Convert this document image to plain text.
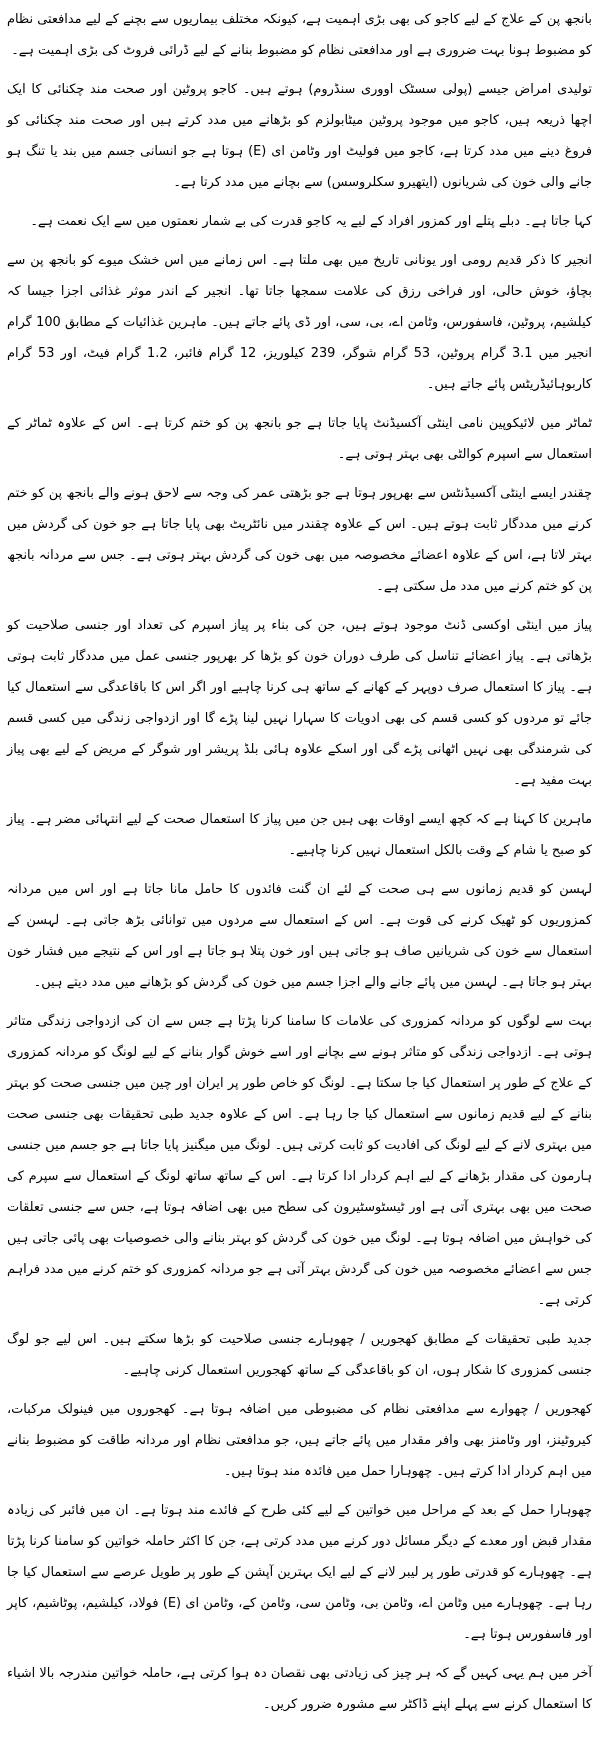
بانجھ پن کے علاج کے لیے کاجو کی بھی بڑی اہمیت ہے، کیونکہ مختلف بیماریوں سے بچنے کے لیے مدافعتی نظام کو مضبوط ہونا بہت ضروری ہے اور مدافعتی نظام کو مضبوط بنانے کے لیے ڈرائی فروٹ کی بڑی اہمیت ہے۔

تولیدی امراض جیسے (پولی سسٹک اووری سنڈروم) ہوتے ہیں۔ کاجو پروٹین اور صحت مند چکنائی کا ایک اچھا ذریعہ ہیں، کاجو میں موجود پروٹین میٹابولزم کو بڑھانے میں مدد کرتے ہیں اور صحت مند چکنائی کو فروغ دینے میں مدد کرتا ہے، کاجو میں فولیٹ اور وٹامن ای (E) ہوتا ہے جو انسانی جسم میں بند یا تنگ ہو جانے والی خون کی شریانوں (ایتھیرو سکلروسس) سے بچانے میں مدد کرتا ہے۔

کہا جاتا ہے۔ دبلے پتلے اور کمزور افراد کے لیے یہ کاجو قدرت کی بے شمار نعمتوں میں سے ایک نعمت ہے۔

انجیر کا ذکر قدیم رومی اور یونانی تاریخ میں بھی ملتا ہے۔ اس زمانے میں اس خشک میوے کو بانجھ پن سے بچاؤ، خوش حالی، اور فراخی رزق کی علامت سمجھا جاتا تھا۔ انجیر کے اندر موثر غذائی اجزا جیسا کہ کیلشیم، پروٹین، فاسفورس، وٹامن اے، بی، سی، اور ڈی پائے جاتے ہیں۔ ماہرین غذائیات کے مطابق 100 گرام انجیر میں 3.1 گرام پروٹین، 53 گرام شوگر، 239 کیلوریز، 12 گرام فائبر، 1.2 گرام فیٹ، اور 53 گرام کاربوہائیڈریٹس پائے جاتے ہیں۔

ٹماٹر میں لائیکوپین نامی اینٹی آکسیڈنٹ پایا جاتا ہے جو بانجھ پن کو ختم کرتا ہے۔ اس کے علاوہ ٹماٹر کے استعمال سے اسپرم کوالٹی بھی بہتر ہوتی ہے۔

چقندر ایسے اینٹی آکسیڈنٹس سے بھرپور ہوتا ہے جو بڑھتی عمر کی وجہ سے لاحق ہونے والے بانجھ پن کو ختم کرنے میں مددگار ثابت ہوتے ہیں۔ اس کے علاوہ چقندر میں نائٹریٹ بھی پایا جاتا ہے جو خون کی گردش میں بہتر لاتا ہے، اس کے علاوہ اعضائے مخصوصہ میں بھی خون کی گردش بہتر ہوتی ہے۔ جس سے مردانہ بانجھ پن کو ختم کرنے میں مدد مل سکتی ہے۔

پیاز میں اینٹی اوکسی ڈنٹ موجود ہوتے ہیں، جن کی بناء پر پیاز اسپرم کی تعداد اور جنسی صلاحیت کو بڑھاتی ہے۔ پیاز اعضائے تناسل کی طرف دوران خون کو بڑھا کر بھرپور جنسی عمل میں مددگار ثابت ہوتی ہے۔ پیاز کا استعمال صرف دوپہر کے کھانے کے ساتھ ہی کرنا چاہیے اور اگر اس کا باقاعدگی سے استعمال کیا جائے تو مردوں کو کسی قسم کی بھی ادویات کا سہارا نہیں لینا پڑے گا اور ازدواجی زندگی میں کسی قسم کی شرمندگی بھی نہیں اٹھانی پڑے گی اور اسکے علاوہ ہائی بلڈ پریشر اور شوگر کے مریض کے لیے بھی پیاز بہت مفید ہے۔

ماہرین کا کہنا ہے کہ کچھ ایسے اوقات بھی ہیں جن میں پیاز کا استعمال صحت کے لیے انتہائی مضر ہے۔ پیاز کو صبح یا شام کے وقت بالکل استعمال نہیں کرنا چاہیے۔

لہسن کو قدیم زمانوں سے ہی صحت کے لئے ان گنت فائدوں کا حامل مانا جاتا ہے اور اس میں مردانہ کمزوریوں کو ٹھیک کرنے کی قوت ہے۔ اس کے استعمال سے مردوں میں توانائی بڑھ جاتی ہے۔ لہسن کے استعمال سے خون کی شریانیں صاف ہو جاتی ہیں اور خون پتلا ہو جاتا ہے اور اس کے نتیجے میں فشار خون بہتر ہو جاتا ہے۔ لہسن میں پائے جانے والے اجزا جسم میں خون کی گردش کو بڑھانے میں مدد دیتے ہیں۔

بہت سے لوگوں کو مردانہ کمزوری کی علامات کا سامنا کرنا پڑتا ہے جس سے ان کی ازدواجی زندگی متاثر ہوتی ہے۔ ازدواجی زندگی کو متاثر ہونے سے بچانے اور اسے خوش گوار بنانے کے لیے لونگ کو مردانہ کمزوری کے علاج کے طور پر استعمال کیا جا سکتا ہے۔ لونگ کو خاص طور پر ایران اور چین میں جنسی صحت کو بہتر بنانے کے لیے قدیم زمانوں سے استعمال کیا جا رہا ہے۔ اس کے علاوہ جدید طبی تحقیقات بھی جنسی صحت میں بہتری لانے کے لیے لونگ کی افادیت کو ثابت کرتی ہیں۔ لونگ میں میگنیز پایا جاتا ہے جو جسم میں جنسی ہارمون کی مقدار بڑھانے کے لیے اہم کردار ادا کرتا ہے۔ اس کے ساتھ ساتھ لونگ کے استعمال سے سپرم کی صحت میں بھی بہتری آتی ہے اور ٹیسٹوسٹیرون کی سطح میں بھی اضافہ ہوتا ہے، جس سے جنسی تعلقات کی خواہش میں اضافہ ہوتا ہے۔ لونگ میں خون کی گردش کو بہتر بنانے والی خصوصیات بھی پائی جاتی ہیں جس سے اعضائے مخصوصہ میں خون کی گردش بہتر آتی ہے جو مردانہ کمزوری کو ختم کرنے میں مدد فراہم کرتی ہے۔

جدید طبی تحقیقات کے مطابق کھجوریں / چھوہارے جنسی صلاحیت کو بڑھا سکتے ہیں۔ اس لیے جو لوگ جنسی کمزوری کا شکار ہوں، ان کو باقاعدگی کے ساتھ کھجوریں استعمال کرنی چاہیے۔

کھجوریں / چھوارے سے مدافعتی نظام کی مضبوطی میں اضافہ ہوتا ہے۔ کھجوروں میں فینولک مرکبات، کیروٹینز، اور وٹامنز بھی وافر مقدار میں پائے جاتے ہیں، جو مدافعتی نظام اور مردانہ طاقت کو مضبوط بنانے میں اہم کردار ادا کرتے ہیں۔ چھوہارا حمل میں فائدہ مند ہوتا ہیں۔

چھوہارا حمل کے بعد کے مراحل میں خواتین کے لیے کئی طرح کے فائدے مند ہوتا ہے۔ ان میں فائبر کی زیادہ مقدار قبض اور معدے کے دیگر مسائل دور کرنے میں مدد کرتی ہے، جن کا اکثر حاملہ خواتین کو سامنا کرنا پڑتا ہے۔ چھوہارے کو قدرتی طور پر لیبر لانے کے لیے ایک بہترین آپشن کے طور پر طویل عرصے سے استعمال کیا جا رہا ہے۔ چھوہارے میں وٹامن اے، وٹامن بی، وٹامن سی، وٹامن کے، وٹامن ای (E) فولاد، کیلشیم، پوٹاشیم، کاپر اور فاسفورس ہوتا ہے۔

آخر میں ہم یہی کہیں گے کہ ہر چیز کی زیادتی بھی نقصان دہ ہوا کرتی ہے، حاملہ خواتین مندرجہ بالا اشیاء کا استعمال کرنے سے پہلے اپنے ڈاکٹر سے مشورہ ضرور کریں۔
